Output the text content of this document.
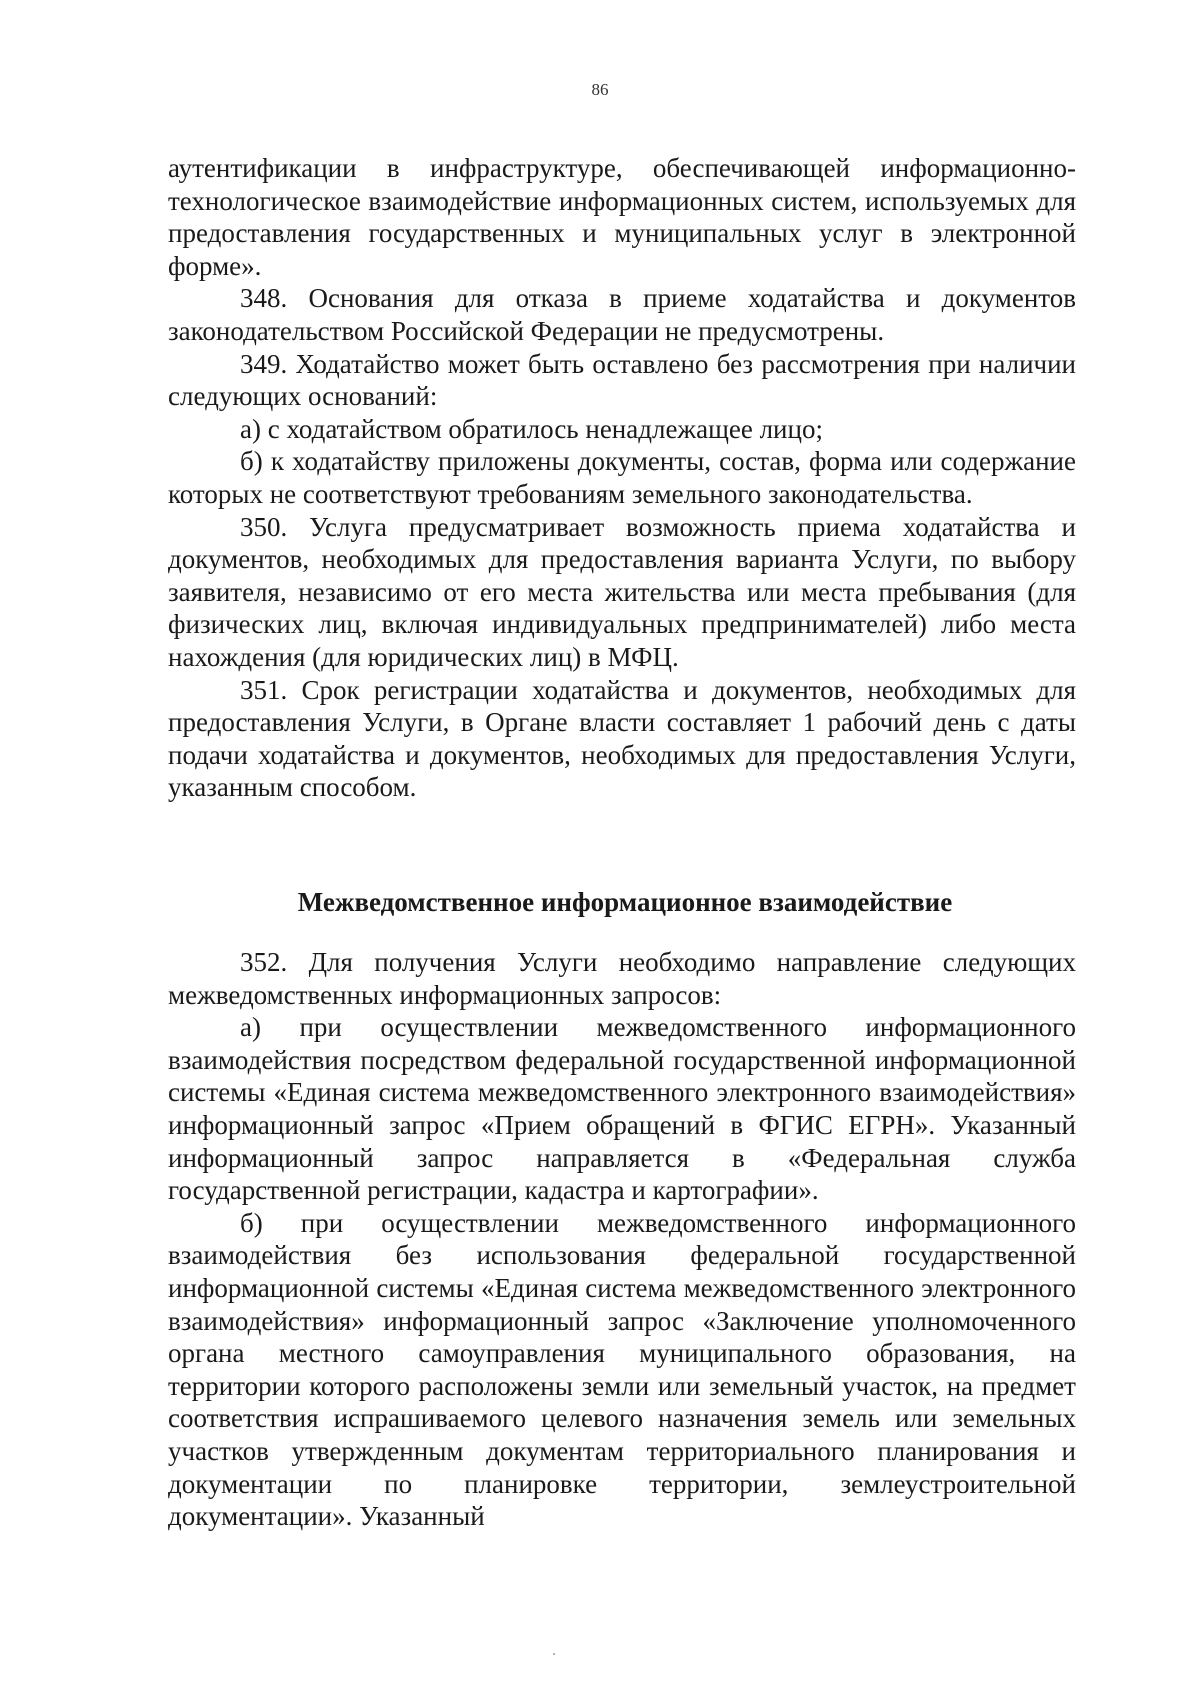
86

аутентификации в инфраструктуре, обеспечивающей информационно-технологическое взаимодействие информационных систем, используемых для предоставления государственных и муниципальных услуг в электронной форме».

348. Основания для отказа в приеме ходатайства и документов законодательством Российской Федерации не предусмотрены.

349. Ходатайство может быть оставлено без рассмотрения при наличии следующих оснований:

а) с ходатайством обратилось ненадлежащее лицо;

б) к ходатайству приложены документы, состав, форма или содержание которых не соответствуют требованиям земельного законодательства.

350. Услуга предусматривает возможность приема ходатайства и документов, необходимых для предоставления варианта Услуги, по выбору заявителя, независимо от его места жительства или места пребывания (для физических лиц, включая индивидуальных предпринимателей) либо места нахождения (для юридических лиц) в МФЦ.

351. Срок регистрации ходатайства и документов, необходимых для предоставления Услуги, в Органе власти составляет 1 рабочий день с даты подачи ходатайства и документов, необходимых для предоставления Услуги, указанным способом.

Межведомственное информационное взаимодействие

352. Для получения Услуги необходимо направление следующих межведомственных информационных запросов:

а) при осуществлении межведомственного информационного взаимодействия посредством федеральной государственной информационной системы «Единая система межведомственного электронного взаимодействия» информационный запрос «Прием обращений в ФГИС ЕГРН». Указанный информационный запрос направляется в «Федеральная служба государственной регистрации, кадастра и картографии».

б) при осуществлении межведомственного информационного взаимодействия без использования федеральной государственной информационной системы «Единая система межведомственного электронного взаимодействия» информационный запрос «Заключение уполномоченного органа местного самоуправления муниципального образования, на территории которого расположены земли или земельный участок, на предмет соответствия испрашиваемого целевого назначения земель или земельных участков утвержденным документам территориального планирования и документации по планировке территории, землеустроительной документации». Указанный
